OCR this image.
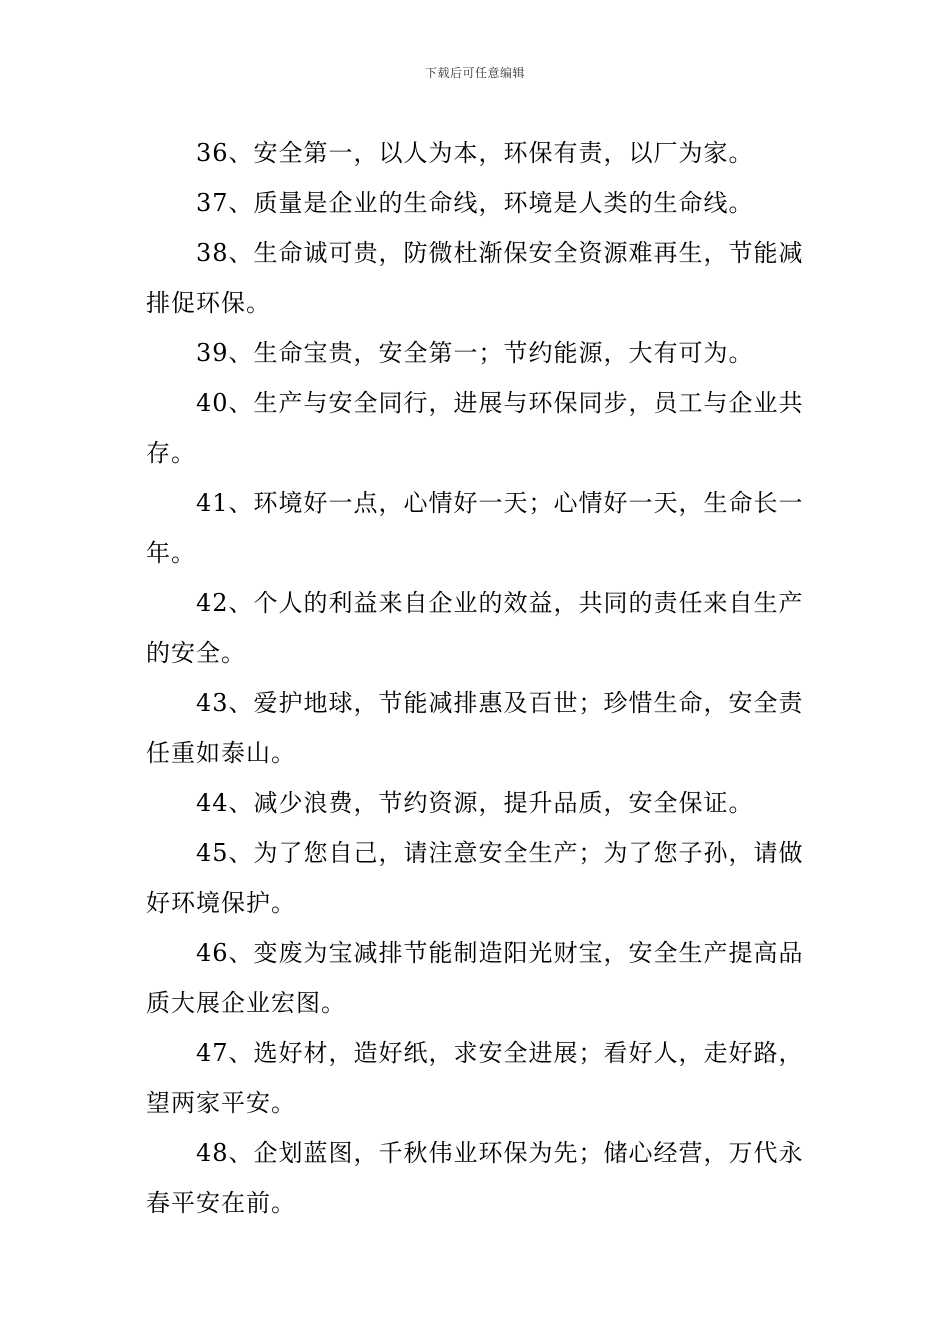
下载后可任意编辑

36、安全第一，以人为本，环保有责，以厂为家。

37、质量是企业的生命线，环境是人类的生命线。

38、生命诚可贵，防微杜渐保安全资源难再生，节能减排促环保。

39、生命宝贵，安全第一；节约能源，大有可为。

40、生产与安全同行，进展与环保同步，员工与企业共存。

41、环境好一点，心情好一天；心情好一天，生命长一年。

42、个人的利益来自企业的效益，共同的责任来自生产的安全。

43、爱护地球，节能减排惠及百世；珍惜生命，安全责任重如泰山。

44、减少浪费，节约资源，提升品质，安全保证。

45、为了您自己，请注意安全生产；为了您子孙，请做好环境保护。

46、变废为宝减排节能制造阳光财宝，安全生产提高品质大展企业宏图。

47、选好材，造好纸，求安全进展；看好人，走好路，望两家平安。

48、企划蓝图，千秋伟业环保为先；储心经营，万代永春平安在前。
